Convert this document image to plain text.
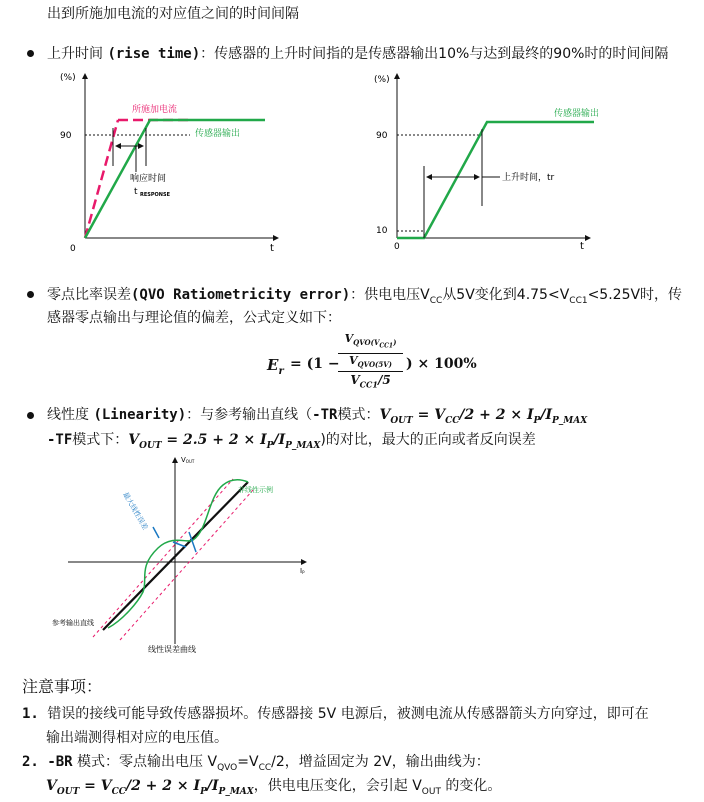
出到所施加电流的对应值之间的时间间隔
上升时间 (rise time)：传感器的上升时间指的是传感器输出10%与达到最终的90%时的时间间隔
(%)
90
0	t
所施加电流
传感器输出
响应时间
t RESPONSE
(%)
90
10
0	t
传感器输出
上升时间，tr
零点比率误差(QVO Ratiometricity error)：供电电压$V_{CC}$从5V变化到$4.75<V_{CC1}<5.25V$时，传
感器零点输出与理论值的偏差，公式定义如下：
$E_r = (1$ −
$V_{QVO(V_{CC1})}$
$V_{QVO(5V)}$
$V_{CC1}/5$
) × 100%
线性度 (Linearity)：与参考输出直线（-TR模式：$V_{OUT} = V_{CC}/2 + 2 \times I_P/I_{P\_MAX}$
-TF模式下：$V_{OUT} = 2.5 + 2 \times I_P/I_{P\_MAX}$)的对比，最大的正向或者反向误差
VOUT
IP
非线性示例
最大线性误差
参考输出直线
线性误差曲线
注意事项：
1. 错误的接线可能导致传感器损坏。传感器接 5V 电源后，被测电流从传感器箭头方向穿过，即可在
输出端测得相对应的电压值。
2. -BR 模式：零点输出电压 $V_{QVO}=V_{CC}/2$，增益固定为 2V，输出曲线为：
$V_{OUT} = V_{CC}/2 + 2 \times I_P/I_{P\_MAX}$，供电电压变化，会引起 $V_{OUT}$ 的变化。
